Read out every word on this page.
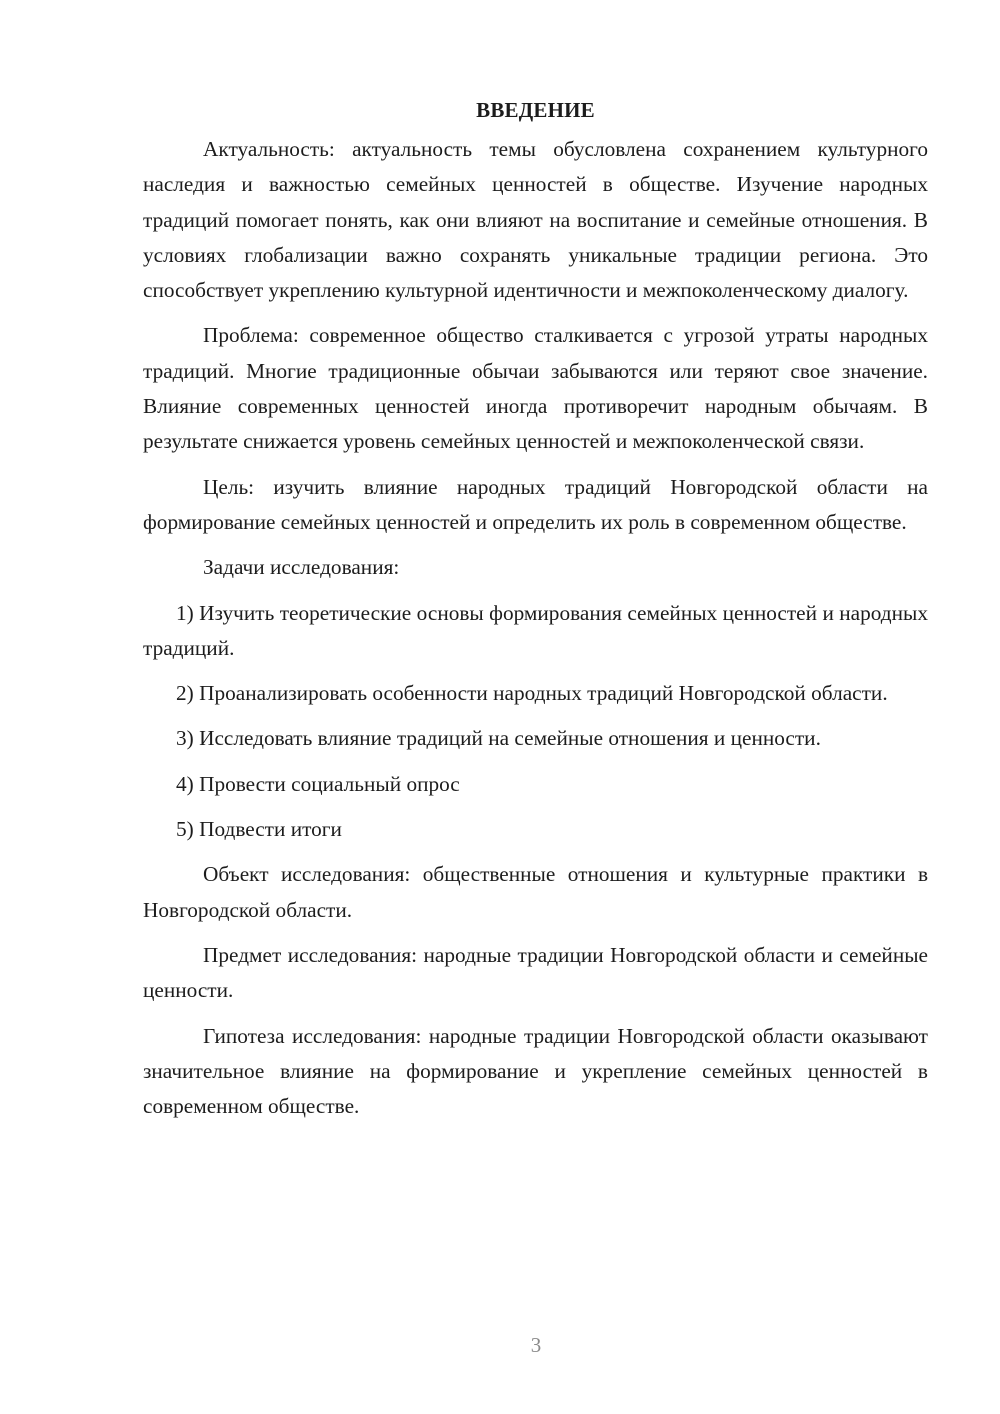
ВВЕДЕНИЕ

Актуальность: актуальность темы обусловлена сохранением культурного наследия и важностью семейных ценностей в обществе. Изучение народных традиций помогает понять, как они влияют на воспитание и семейные отношения. В условиях глобализации важно сохранять уникальные традиции региона. Это способствует укреплению культурной идентичности и межпоколенческому диалогу.

Проблема: современное общество сталкивается с угрозой утраты народных традиций. Многие традиционные обычаи забываются или теряют свое значение. Влияние современных ценностей иногда противоречит народным обычаям. В результате снижается уровень семейных ценностей и межпоколенческой связи.

Цель: изучить влияние народных традиций Новгородской области на формирование семейных ценностей и определить их роль в современном обществе.

Задачи исследования:

1) Изучить теоретические основы формирования семейных ценностей и народных традиций.

2) Проанализировать особенности народных традиций Новгородской области.

3) Исследовать влияние традиций на семейные отношения и ценности.

4) Провести социальный опрос

5) Подвести итоги

Объект исследования: общественные отношения и культурные практики в Новгородской области.

Предмет исследования: народные традиции Новгородской области и семейные ценности.

Гипотеза исследования: народные традиции Новгородской области оказывают значительное влияние на формирование и укрепление семейных ценностей в современном обществе.

3
